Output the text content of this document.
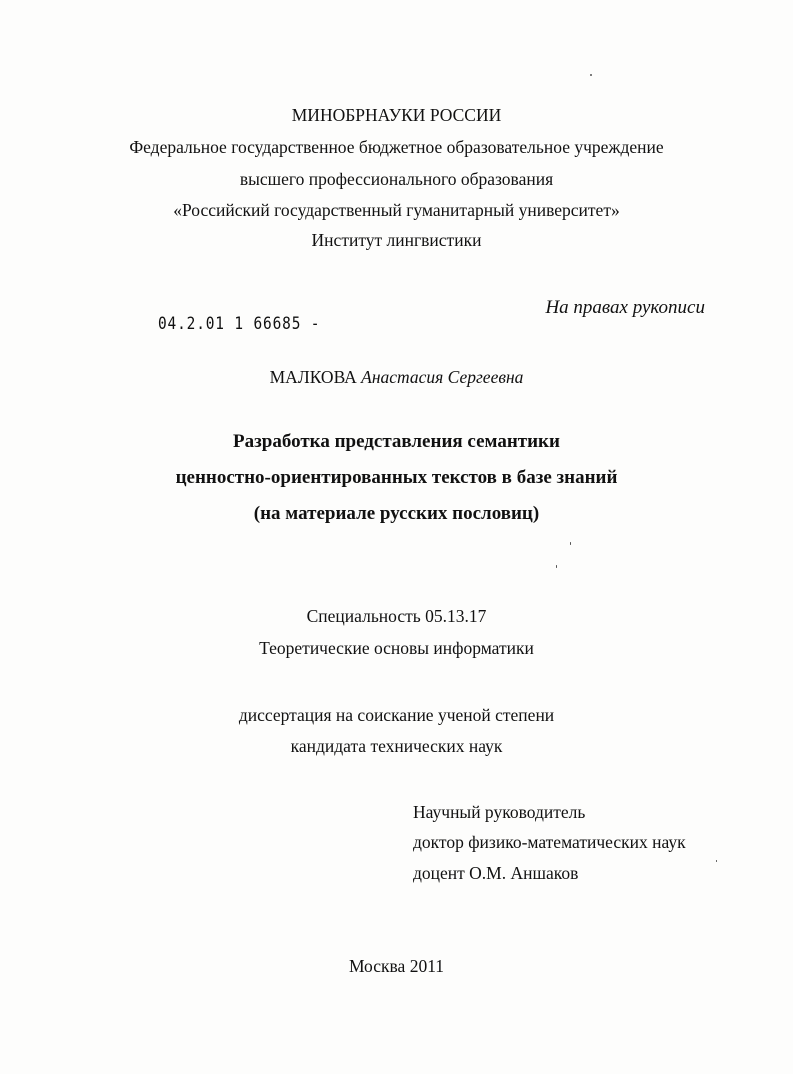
МИНОБРНАУКИ РОССИИ
Федеральное государственное бюджетное образовательное учреждение
высшего профессионального образования
«Российский государственный гуманитарный университет»
Институт лингвистики
На правах рукописи
04.2.01 1 66685 -
МАЛКОВА Анастасия Сергеевна
Разработка представления семантики
ценностно-ориентированных текстов в базе знаний
(на материале русских пословиц)
Специальность 05.13.17
Теоретические основы информатики
диссертация на соискание ученой степени
кандидата технических наук
Научный руководитель
доктор физико-математических наук
доцент О.М. Аншаков
Москва 2011
